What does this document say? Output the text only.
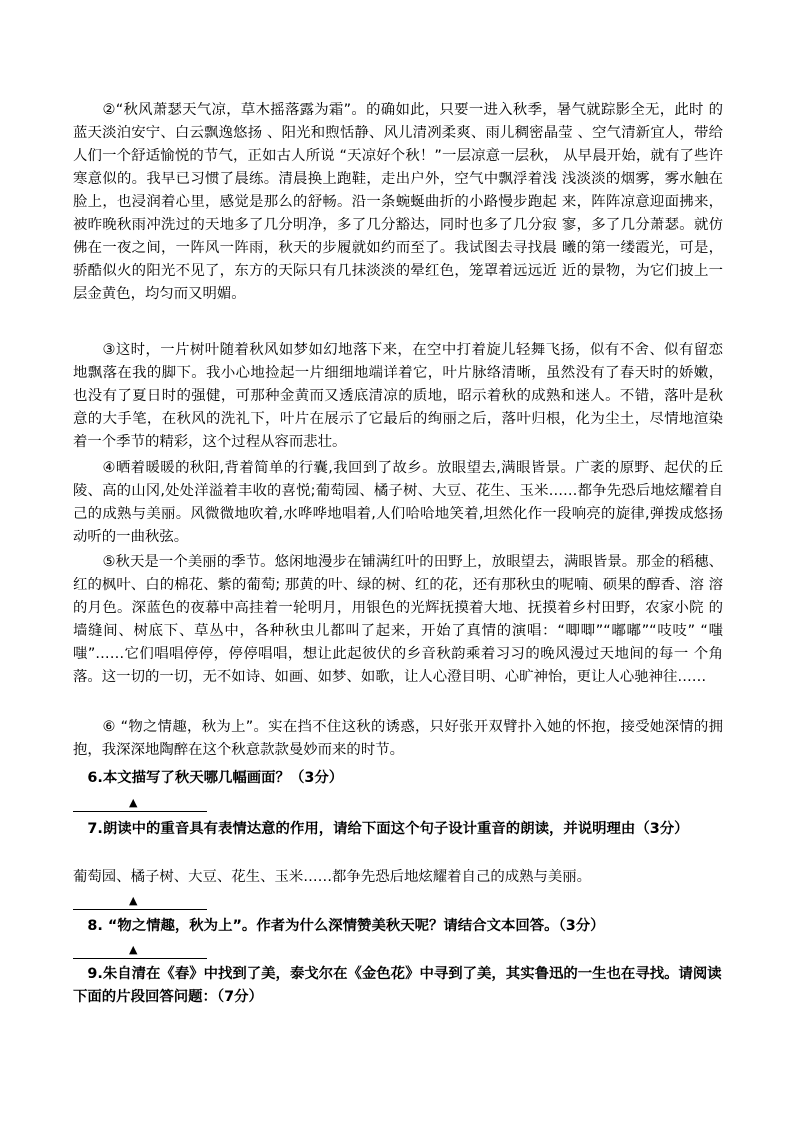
②“秋风萧瑟天气凉，草木摇落露为霜”。的确如此，只要一进入秋季，暑气就踪影全无，此时 的蓝天淡泊安宁、白云飘逸悠扬 、阳光和煦恬静、风儿清冽柔爽、雨儿稠密晶莹 、空气清新宜人，带给人们一个舒适愉悦的节气，正如古人所说 “天凉好个秋！”一层凉意一层秋， 从早晨开始，就有了些许寒意似的。我早已习惯了晨练。清晨换上跑鞋，走出户外，空气中飘浮着浅 浅淡淡的烟雾，雾水触在脸上，也浸润着心里，感觉是那么的舒畅。沿一条蜿蜒曲折的小路慢步跑起 来，阵阵凉意迎面拂来，被昨晚秋雨冲洗过的天地多了几分明净，多了几分豁达，同时也多了几分寂 寥，多了几分萧瑟。就仿佛在一夜之间，一阵风一阵雨，秋天的步履就如约而至了。我试图去寻找晨 曦的第一缕霞光，可是，骄酷似火的阳光不见了，东方的天际只有几抹淡淡的晕红色，笼罩着远远近 近的景物，为它们披上一层金黄色，均匀而又明媚。

③这时，一片树叶随着秋风如梦如幻地落下来，在空中打着旋儿轻舞飞扬，似有不舍、似有留恋 地飘落在我的脚下。我小心地捡起一片细细地端详着它，叶片脉络清晰，虽然没有了春天时的娇嫩， 也没有了夏日时的强健，可那种金黄而又透底清凉的质地，昭示着秋的成熟和迷人。不错，落叶是秋 意的大手笔，在秋风的洗礼下，叶片在展示了它最后的绚丽之后，落叶归根，化为尘土，尽情地渲染 着一个季节的精彩，这个过程从容而悲壮。

④晒着暖暖的秋阳,背着简单的行囊,我回到了故乡。放眼望去,满眼皆景。广袤的原野、起伏的丘陵、高的山冈,处处洋溢着丰收的喜悦;葡萄园、橘子树、大豆、花生、玉米……都争先恐后地炫耀着自己的成熟与美丽。风微微地吹着,水哗哗地唱着,人们哈哈地笑着,坦然化作一段响亮的旋律,弹拨成悠扬动听的一曲秋弦。

⑤秋天是一个美丽的季节。悠闲地漫步在铺满红叶的田野上，放眼望去，满眼皆景。那金的稻穗、 红的枫叶、白的棉花、紫的葡萄; 那黄的叶、绿的树、红的花，还有那秋虫的呢喃、硕果的醇香、溶 溶的月色。深蓝色的夜幕中高挂着一轮明月，用银色的光辉抚摸着大地、抚摸着乡村田野，农家小院 的墙缝间、树底下、草丛中，各种秋虫儿都叫了起来，开始了真情的演唱：“唧唧”“嘟嘟”“吱吱” “嗤嗤”……它们唱唱停停，停停唱唱，想让此起彼伏的乡音秋韵乘着习习的晚风漫过天地间的每一 个角落。这一切的一切，无不如诗、如画、如梦、如歌，让人心澄目明、心旷神怡，更让人心驰神往……

⑥ “物之情趣，秋为上”。实在挡不住这秋的诱惑，只好张开双臂扑入她的怀抱，接受她深情的拥抱，我深深地陶醉在这个秋意款款曼妙而来的时节。

6.本文描写了秋天哪几幅画面？（3分）

▲

7.朗读中的重音具有表情达意的作用，请给下面这个句子设计重音的朗读，并说明理由（3分）

葡萄园、橘子树、大豆、花生、玉米……都争先恐后地炫耀着自己的成熟与美丽。

▲

8. “物之情趣，秋为上”。作者为什么深情赞美秋天呢？请结合文本回答。（3分）

▲

9.朱自清在《春》中找到了美，泰戈尔在《金色花》中寻到了美，其实鲁迅的一生也在寻找。请阅读下面的片段回答问题：（7分）
